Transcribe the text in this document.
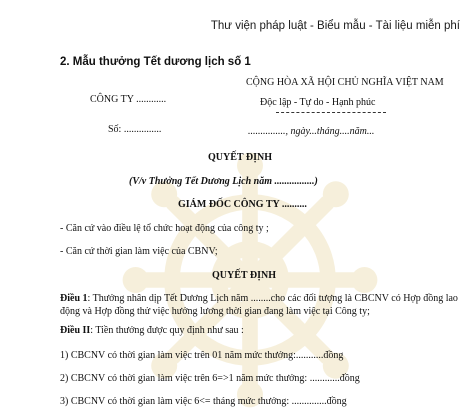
Thư viện pháp luật - Biểu mẫu - Tài liệu miễn phí
2. Mẫu thưởng Tết dương lịch số 1
CỘNG HÒA XÃ HỘI CHỦ NGHĨA VIỆT NAM
CÔNG TY ............	Độc lập - Tự do - Hạnh phúc
Số: ...............	..............., ngày...tháng....năm...
QUYẾT ĐỊNH
(V/v Thưởng Tết Dương Lịch năm ................)
GIÁM ĐỐC CÔNG TY ..........
- Căn cứ vào điều lệ tổ chức hoạt động của công ty ;
- Căn cứ thời gian làm việc của CBNV;
QUYẾT ĐỊNH
Điều 1: Thưởng nhân dịp Tết Dương Lịch năm ........cho các đối tượng là CBCNV có Hợp đồng lao động và Hợp đồng thử việc hưởng lương thời gian đang làm việc tại Công ty;
Điều II: Tiền thưởng được quy định như sau :
1) CBCNV có thời gian làm việc trên 01 năm mức thưởng:...........đồng
2) CBCNV có thời gian làm việc trên 6=>1 năm mức thưởng: ............đồng
3) CBCNV có thời gian làm việc 6<= tháng mức thưởng: ..............đồng
